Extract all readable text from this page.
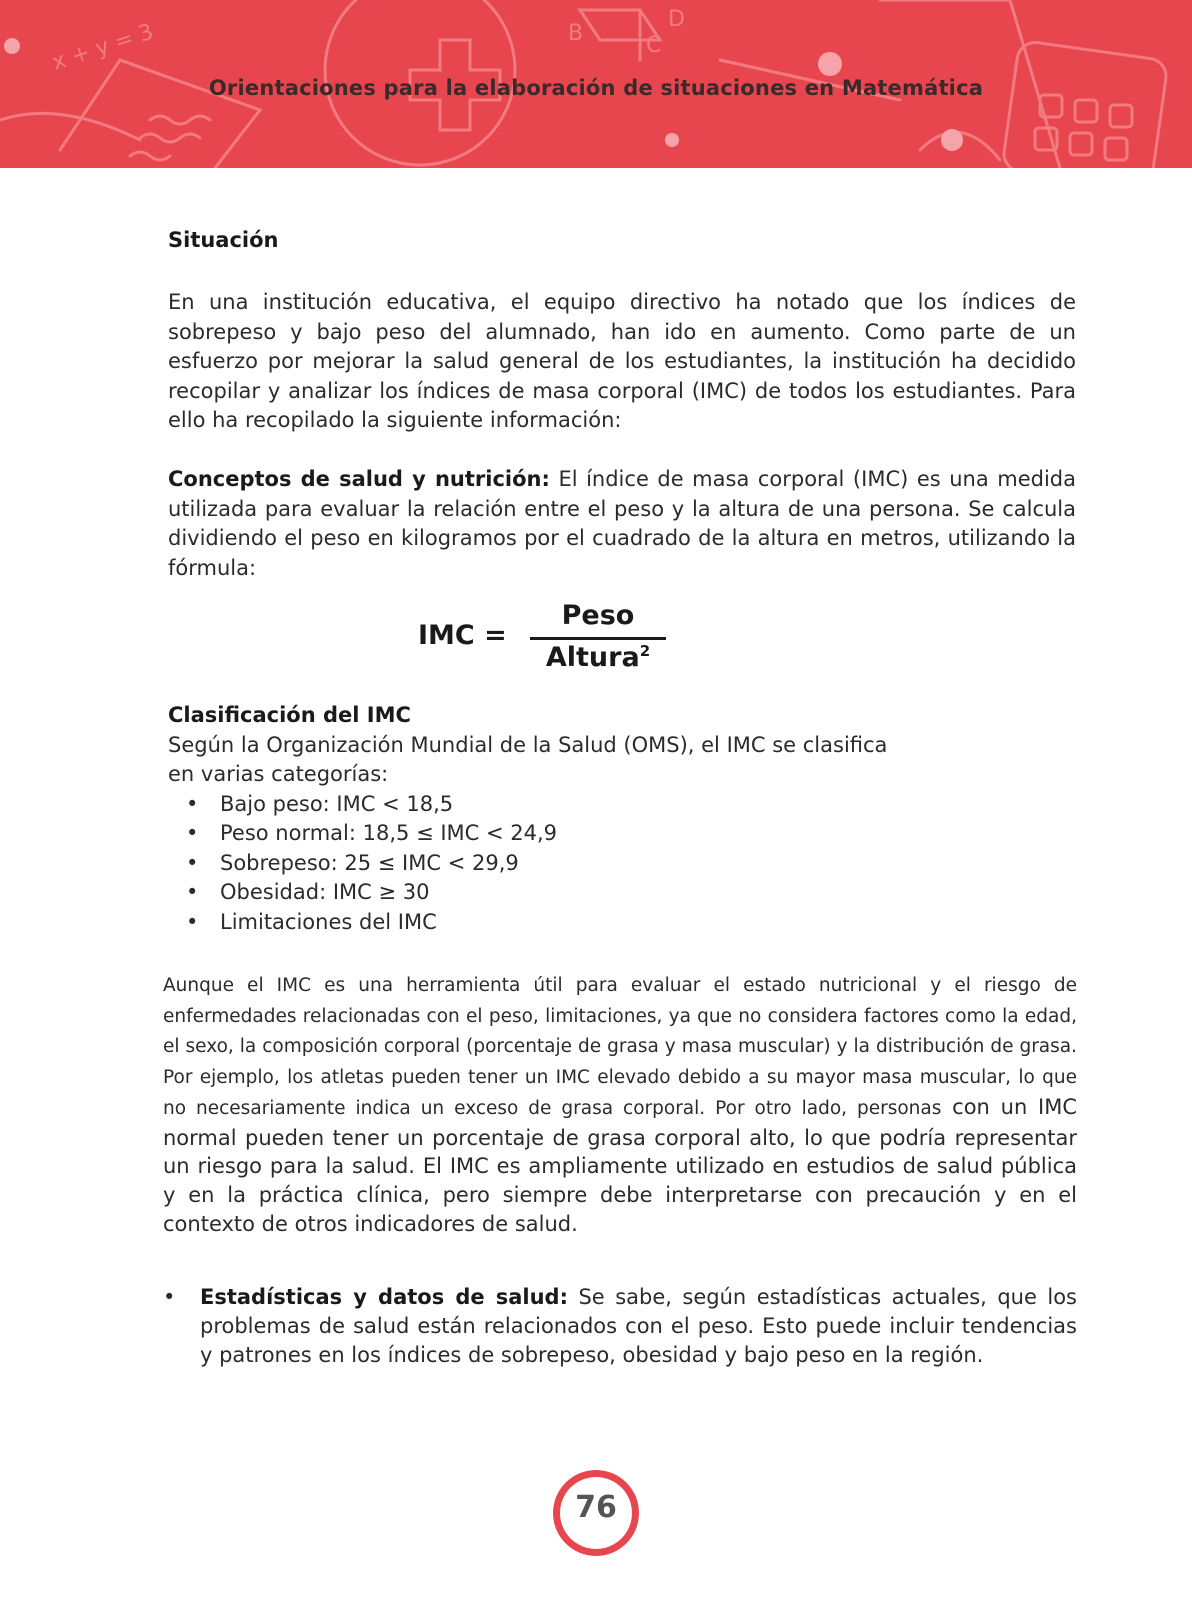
x + y = 3	B	C
D
Orientaciones para la elaboración de situaciones en Matemática

Situación

En una institución educativa, el equipo directivo ha notado que los índices de sobrepeso y bajo peso del alumnado, han ido en aumento. Como parte de un esfuerzo por mejorar la salud general de los estudiantes, la institución ha decidido recopilar y analizar los índices de masa corporal (IMC) de todos los estudiantes. Para ello ha recopilado la siguiente información:

Conceptos de salud y nutrición: El índice de masa corporal (IMC) es una medida utilizada para evaluar la relación entre el peso y la altura de una persona. Se calcula dividiendo el peso en kilogramos por el cuadrado de la altura en metros, utilizando la fórmula:

IMC =
Peso
Altura$^2$

Clasificación del IMC

Según la Organización Mundial de la Salud (OMS), el IMC se clasifica

en varias categorías:

• Bajo peso: IMC < 18,5
• Peso normal: 18,5 ≤ IMC < 24,9
• Sobrepeso: 25 ≤ IMC < 29,9
• Obesidad: IMC ≥ 30
• Limitaciones del IMC

Aunque el IMC es una herramienta útil para evaluar el estado nutricional y el riesgo de enfermedades relacionadas con el peso, limitaciones, ya que no considera factores como la edad, el sexo, la composición corporal (porcentaje de grasa y masa muscular) y la distribución de grasa. Por ejemplo, los atletas pueden tener un IMC elevado debido a su mayor masa muscular, lo que no necesariamente indica un exceso de grasa corporal. Por otro lado, personas con un IMC normal pueden tener un porcentaje de grasa corporal alto, lo que podría representar un riesgo para la salud. El IMC es ampliamente utilizado en estudios de salud pública y en la práctica clínica, pero siempre debe interpretarse con precaución y en el contexto de otros indicadores de salud.

• Estadísticas y datos de salud: Se sabe, según estadísticas actuales, que los problemas de salud están relacionados con el peso. Esto puede incluir tendencias y patrones en los índices de sobrepeso, obesidad y bajo peso en la región.

76
